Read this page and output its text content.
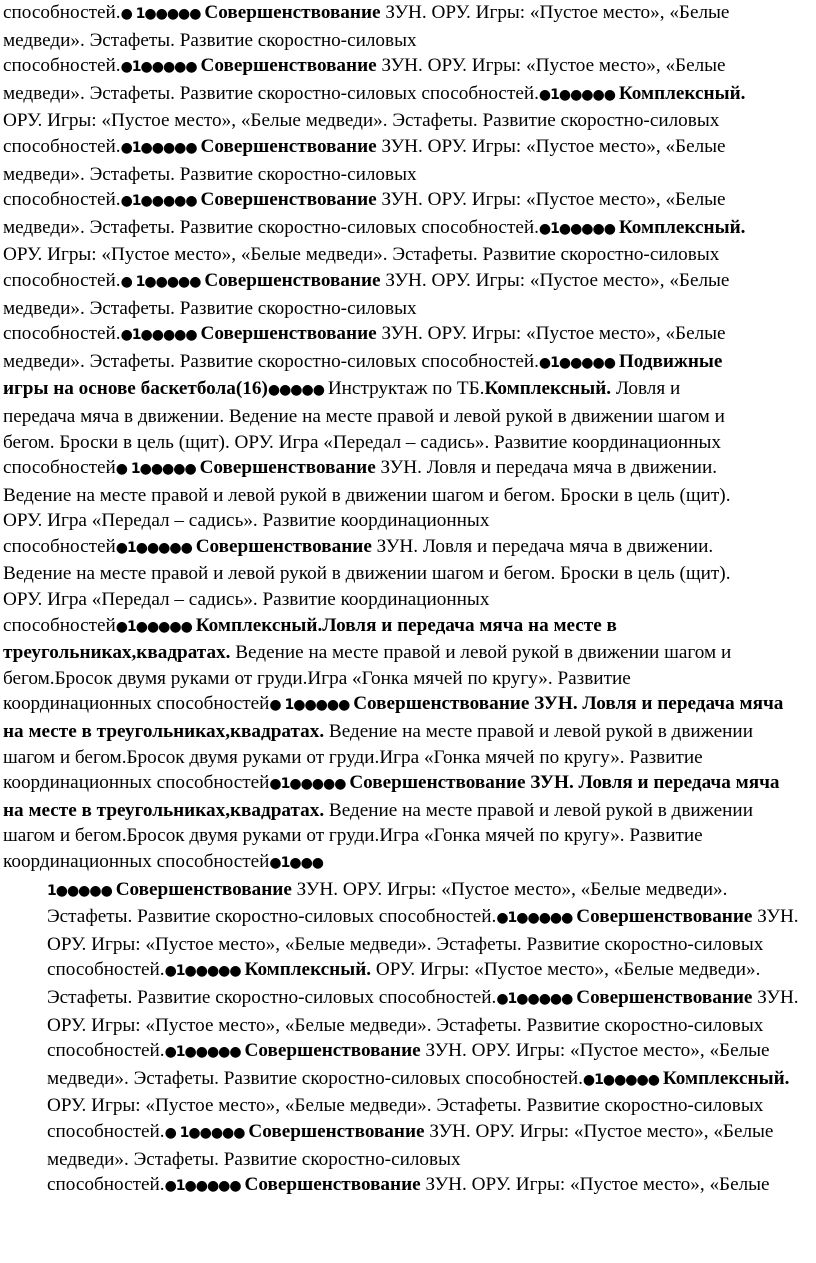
способностей.● 1●●●●● Совершенствование ЗУН. ОРУ. Игры: «Пустое место», «Белые
медведи». Эстафеты. Развитие скоростно-силовых
способностей.●1●●●●● Совершенствование ЗУН. ОРУ. Игры: «Пустое место», «Белые
медведи». Эстафеты. Развитие скоростно-силовых способностей.●1●●●●● Комплексный.
ОРУ. Игры: «Пустое место», «Белые медведи». Эстафеты. Развитие скоростно-силовых
способностей.●1●●●●● Совершенствование ЗУН. ОРУ. Игры: «Пустое место», «Белые
медведи». Эстафеты. Развитие скоростно-силовых
способностей.●1●●●●● Совершенствование ЗУН. ОРУ. Игры: «Пустое место», «Белые
медведи». Эстафеты. Развитие скоростно-силовых способностей.●1●●●●● Комплексный.
ОРУ. Игры: «Пустое место», «Белые медведи». Эстафеты. Развитие скоростно-силовых
способностей.● 1●●●●● Совершенствование ЗУН. ОРУ. Игры: «Пустое место», «Белые
медведи». Эстафеты. Развитие скоростно-силовых
способностей.●1●●●●● Совершенствование ЗУН. ОРУ. Игры: «Пустое место», «Белые
медведи». Эстафеты. Развитие скоростно-силовых способностей.●1●●●●● Подвижные
игры на основе баскетбола(16)●●●●● Инструктаж по ТБ.Комплексный. Ловля и
передача мяча в движении. Ведение на месте правой и левой рукой в движении шагом и
бегом. Броски в цель (щит). ОРУ. Игра «Передал – садись». Развитие координационных
способностей● 1●●●●● Совершенствование ЗУН. Ловля и передача мяча в движении.
Ведение на месте правой и левой рукой в движении шагом и бегом. Броски в цель (щит).
ОРУ. Игра «Передал – садись». Развитие координационных
способностей●1●●●●● Совершенствование ЗУН. Ловля и передача мяча в движении.
Ведение на месте правой и левой рукой в движении шагом и бегом. Броски в цель (щит).
ОРУ. Игра «Передал – садись». Развитие координационных
способностей●1●●●●● Комплексный.Ловля и передача мяча на месте в
треугольниках,квадратах. Ведение на месте правой и левой рукой в движении шагом и
бегом.Бросок двумя руками от груди.Игра «Гонка мячей по кругу». Развитие
координационных способностей● 1●●●●● Совершенствование ЗУН. Ловля и передача мяча
на месте в треугольниках,квадратах. Ведение на месте правой и левой рукой в движении
шагом и бегом.Бросок двумя руками от груди.Игра «Гонка мячей по кругу». Развитие
координационных способностей●1●●●●● Совершенствование ЗУН. Ловля и передача мяча
на месте в треугольниках,квадратах. Ведение на месте правой и левой рукой в движении
шагом и бегом.Бросок двумя руками от груди.Игра «Гонка мячей по кругу». Развитие
координационных способностей●1●●●
1●●●●● Совершенствование ЗУН. ОРУ. Игры: «Пустое место», «Белые медведи».
Эстафеты. Развитие скоростно-силовых способностей.●1●●●●● Совершенствование ЗУН.
ОРУ. Игры: «Пустое место», «Белые медведи». Эстафеты. Развитие скоростно-силовых
способностей.●1●●●●● Комплексный. ОРУ. Игры: «Пустое место», «Белые медведи».
Эстафеты. Развитие скоростно-силовых способностей.●1●●●●● Совершенствование ЗУН.
ОРУ. Игры: «Пустое место», «Белые медведи». Эстафеты. Развитие скоростно-силовых
способностей.●1●●●●● Совершенствование ЗУН. ОРУ. Игры: «Пустое место», «Белые
медведи». Эстафеты. Развитие скоростно-силовых способностей.●1●●●●● Комплексный.
ОРУ. Игры: «Пустое место», «Белые медведи». Эстафеты. Развитие скоростно-силовых
способностей.● 1●●●●● Совершенствование ЗУН. ОРУ. Игры: «Пустое место», «Белые
медведи». Эстафеты. Развитие скоростно-силовых
способностей.●1●●●●● Совершенствование ЗУН. ОРУ. Игры: «Пустое место», «Белые
